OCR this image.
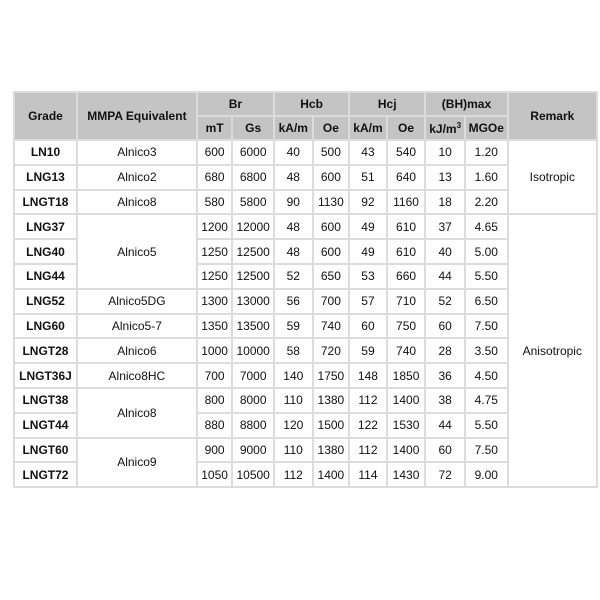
Grade	MMPA Equivalent	Br		Hcb		Hcj		(BH)max		Remark
		mT	Gs	kA/m	Oe	kA/m	Oe	$kJ/m^3$	MGOe	
LN10	Alnico3	600	6000	40	500	43	540	10	1.20	Isotropic
LNG13	Alnico2	680	6800	48	600	51	640	13	1.60	
LNGT18	Alnico8	580	5800	90	1130	92	1160	18	2.20	
LNG37	Alnico5	1200	12000	48	600	49	610	37	4.65	Anisotropic
LNG40		1250	12500	48	600	49	610	40	5.00	
LNG44		1250	12500	52	650	53	660	44	5.50	
LNG52	Alnico5DG	1300	13000	56	700	57	710	52	6.50	
LNG60	Alnico5-7	1350	13500	59	740	60	750	60	7.50	
LNGT28	Alnico6	1000	10000	58	720	59	740	28	3.50	
LNGT36J	Alnico8HC	700	7000	140	1750	148	1850	36	4.50	
LNGT38	Alnico8	800	8000	110	1380	112	1400	38	4.75	
LNGT44		880	8800	120	1500	122	1530	44	5.50	
LNGT60	Alnico9	900	9000	110	1380	112	1400	60	7.50	
LNGT72		1050	10500	112	1400	114	1430	72	9.00	
